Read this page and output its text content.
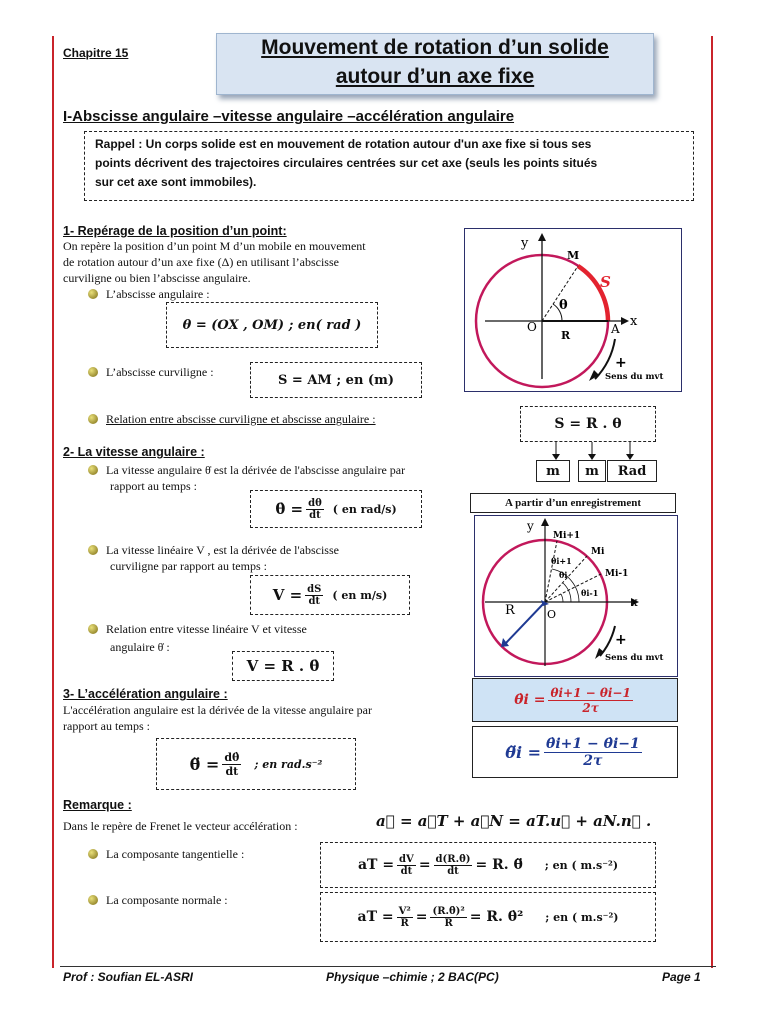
Chapitre 15	Mouvement de rotation d’un solide
autour d’un axe fixe
I-Abscisse angulaire –vitesse angulaire –accélération angulaire
Rappel : Un corps solide est en mouvement de rotation autour d'un axe fixe si tous ses
points décrivent des trajectoires circulaires centrées sur cet axe (seuls les points situés
sur cet axe sont immobiles).
1- Repérage de la position d’un point:
On repère la position d’un point M d’un mobile en mouvement
de rotation autour d’un axe fixe (Δ) en utilisant l’abscisse
curviligne ou bien l’abscisse angulaire.
L’abscisse angulaire :
θ = (OX , OM) ; en( rad )
L’abscisse curviligne :
S = AM ; en (m)
Relation entre abscisse curviligne et abscisse angulaire :	S = R . θ
m	m	Rad
y
x
O
M
S
A
R
θ
+
Sens du mvt
2- La vitesse angulaire :
La vitesse angulaire θ̇ est la dérivée de l'abscisse angulaire par
rapport au temps :
θ̇ = $\frac{d\theta}{dt}$ ( en rad/s)
La vitesse linéaire V , est la dérivée de l'abscisse
curviligne par rapport au temps :
$V = \frac{dS}{dt}$ ( en m/s)
Relation entre vitesse linéaire V et vitesse
angulaire θ̇ :
V = R . θ̇
A partir d’un enregistrement
y
x
O
R
Mi+1
Mi
Mi-1
θi+1
θi
θi-1
+
Sens du mvt
θ̇i = $\frac{\theta i+1 - \theta i-1}{2\tau}$
θ̈i = $\frac{\thetȧi+1 - \thetȧi-1}{2\tau}$
3- L’accélération angulaire :
L'accélération angulaire est la dérivée de la vitesse angulaire par
rapport au temps :
θ̈ = $\frac{d\thetȧ}{dt}$ ; en rad.s⁻²
Remarque :
Dans le repère de Frenet le vecteur accélération :	a⃗ = a⃗T + a⃗N = aT.u⃗ + aN.n⃗ .
La composante tangentielle :
aT = $\frac{dV}{dt} = \frac{d(R.\thetȧ)}{dt} = R$. θ̈ ; en ( m.s⁻²)
La composante normale :
aT = $\frac{\text{V²}}{R} = \frac{\text{(R.θ̇)²}}{R} = R$. θ̇² ; en ( m.s⁻²)
Prof : Soufian EL-ASRI	Physique –chimie ; 2 BAC(PC)	Page 1
